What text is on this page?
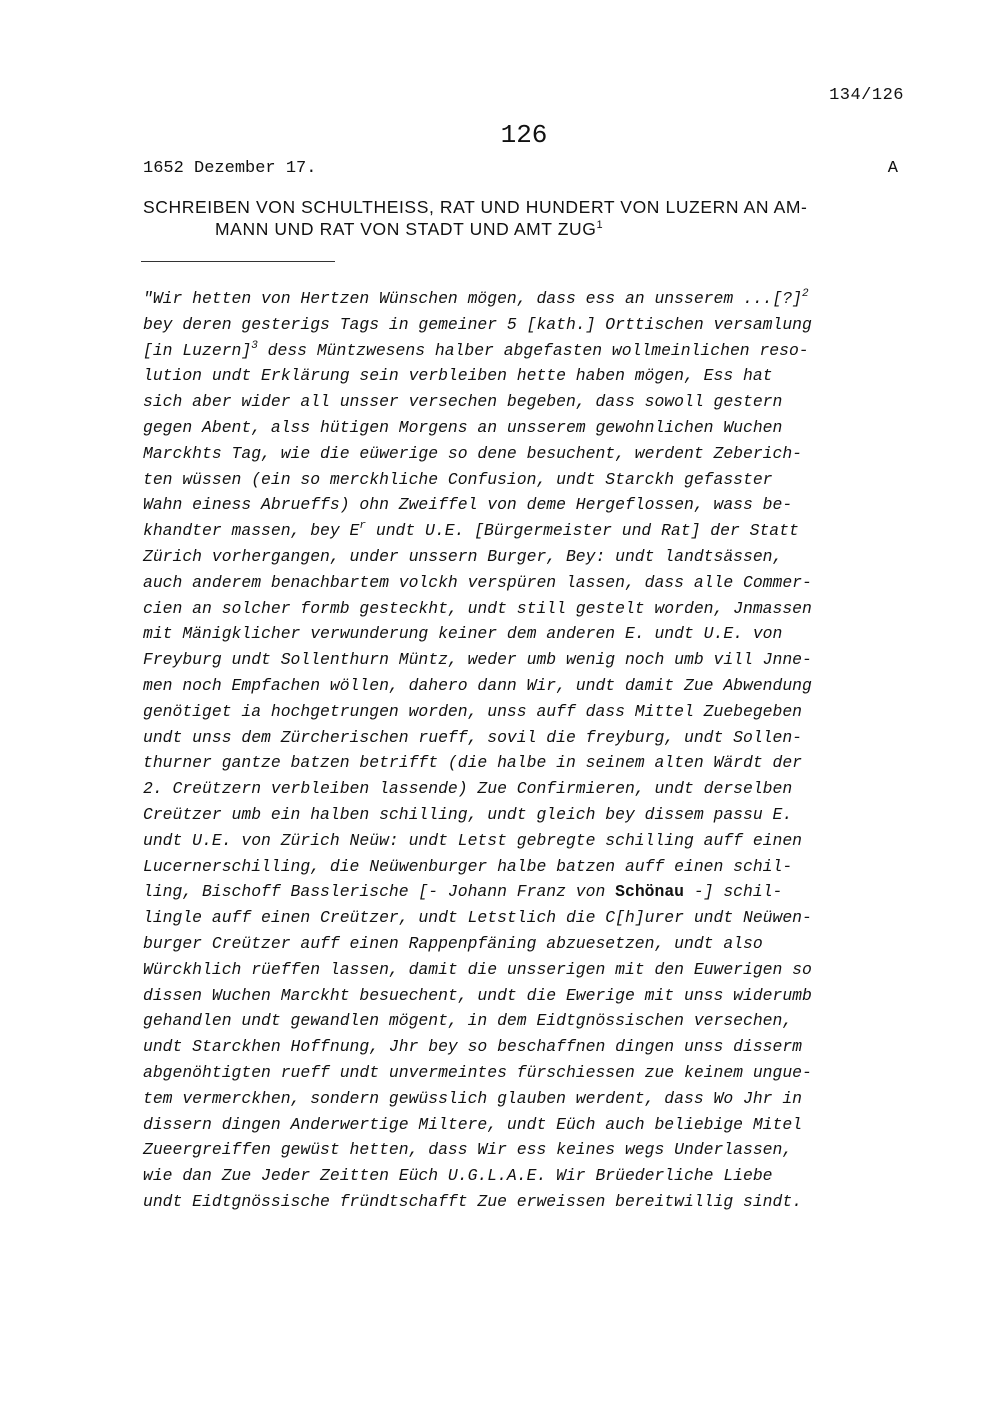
134/126
126
1652 Dezember 17.	A
SCHREIBEN VON SCHULTHEISS, RAT UND HUNDERT VON LUZERN AN AM-
MANN UND RAT VON STADT UND AMT ZUG$^1$
"Wir hetten von Hertzen Wünschen mögen, dass ess an unsserem ...[?]$^2$
bey deren gesterigs Tags in gemeiner 5 [kath.] Orttischen versamlung
[in Luzern]$^3$ dess Müntzwesens halber abgefasten wollmeinlichen reso-
lution undt Erklärung sein verbleiben hette haben mögen, Ess hat
sich aber wider all unsser versechen begeben, dass sowoll gestern
gegen Abent, alss hütigen Morgens an unsserem gewohnlichen Wuchen
Marckhts Tag, wie die eüwerige so dene besuchent, werdent Zeberich-
ten wüssen (ein so merckhliche Confusion, undt Starckh gefasster
Wahn einess Abrueffs) ohn Zweiffel von deme Hergeflossen, wass be-
khandter massen, bey $E^r$ undt U.E. [Bürgermeister und Rat] der Statt
Zürich vorhergangen, under unssern Burger, Bey: undt landtsässen,
auch anderem benachbartem volckh verspüren lassen, dass alle Commer-
cien an solcher formb gesteckht, undt still gestelt worden, Jnmassen
mit Mänigklicher verwunderung keiner dem anderen E. undt U.E. von
Freyburg undt Sollenthurn Müntz, weder umb wenig noch umb vill Jnne-
men noch Empfachen wöllen, dahero dann Wir, undt damit Zue Abwendung
genötiget ia hochgetrungen worden, unss auff dass Mittel Zuebegeben
undt unss dem Zürcherischen rueff, sovil die freyburg, undt Sollen-
thurner gantze batzen betrifft (die halbe in seinem alten Wärdt der
2. Creützern verbleiben lassende) Zue Confirmieren, undt derselben
Creützer umb ein halben schilling, undt gleich bey dissem passu E.
undt U.E. von Zürich Neüw: undt Letst gebregte schilling auff einen
Lucernerschilling, die Neüwenburger halbe batzen auff einen schil-
ling, Bischoff Basslerische [- Johann Franz von Schönau -] schil-
lingle auff einen Creützer, undt Letstlich die C[h]urer undt Neüwen-
burger Creützer auff einen Rappenpfäning abzuesetzen, undt also
Würckhlich rüeffen lassen, damit die unsserigen mit den Euwerigen so
dissen Wuchen Marckht besuechent, undt die Ewerige mit unss widerumb
gehandlen undt gewandlen mögent, in dem Eidtgnössischen versechen,
undt Starckhen Hoffnung, Jhr bey so beschaffnen dingen unss disserm
abgenöhtigten rueff undt unvermeintes fürschiessen zue keinem ungue-
tem vermerckhen, sondern gewüsslich glauben werdent, dass Wo Jhr in
dissern dingen Anderwertige Miltere, undt Eüch auch beliebige Mitel
Zueergreiffen gewüst hetten, dass Wir ess keines wegs Underlassen,
wie dan Zue Jeder Zeitten Eüch U.G.L.A.E. Wir Brüederliche Liebe
undt Eidtgnössische fründtschafft Zue erweissen bereitwillig sindt.
